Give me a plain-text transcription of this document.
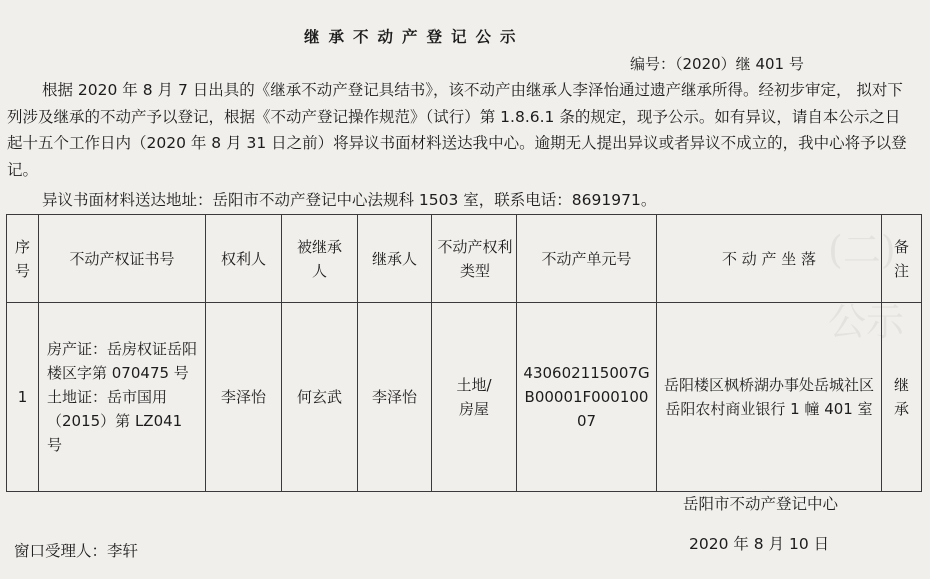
(二)
公示
继承不动产登记公示
编号：（2020）继 401 号

根据 2020 年 8 月 7 日出具的《继承不动产登记具结书》，该不动产由继承人李泽怡通过遗产继承所得。经初步审定， 拟对下列涉及继承的不动产予以登记，根据《不动产登记操作规范》（试行）第 1.8.6.1 条的规定，现予公示。如有异议，请自本公示之日起十五个工作日内（2020 年 8 月 31 日之前）将异议书面材料送达我中心。逾期无人提出异议或者异议不成立的，我中心将予以登记。

异议书面材料送达地址：岳阳市不动产登记中心法规科 1503 室，联系电话：8691971。

序号	不动产权证书号	权利人	被继承人	继承人	不动产权利类型	不动产单元号	不 动 产 坐 落	备注
1	房产证：岳房权证岳阳楼区字第 070475 号土地证：岳市国用（2015）第 LZ041 号	李泽怡	何玄武	李泽怡	土地/房屋	430602115007GB00001F00010007	岳阳楼区枫桥湖办事处岳城社区岳阳农村商业银行 1 幢 401 室	继承
岳阳市不动产登记中心
窗口受理人：李轩	2020 年 8 月 10 日
